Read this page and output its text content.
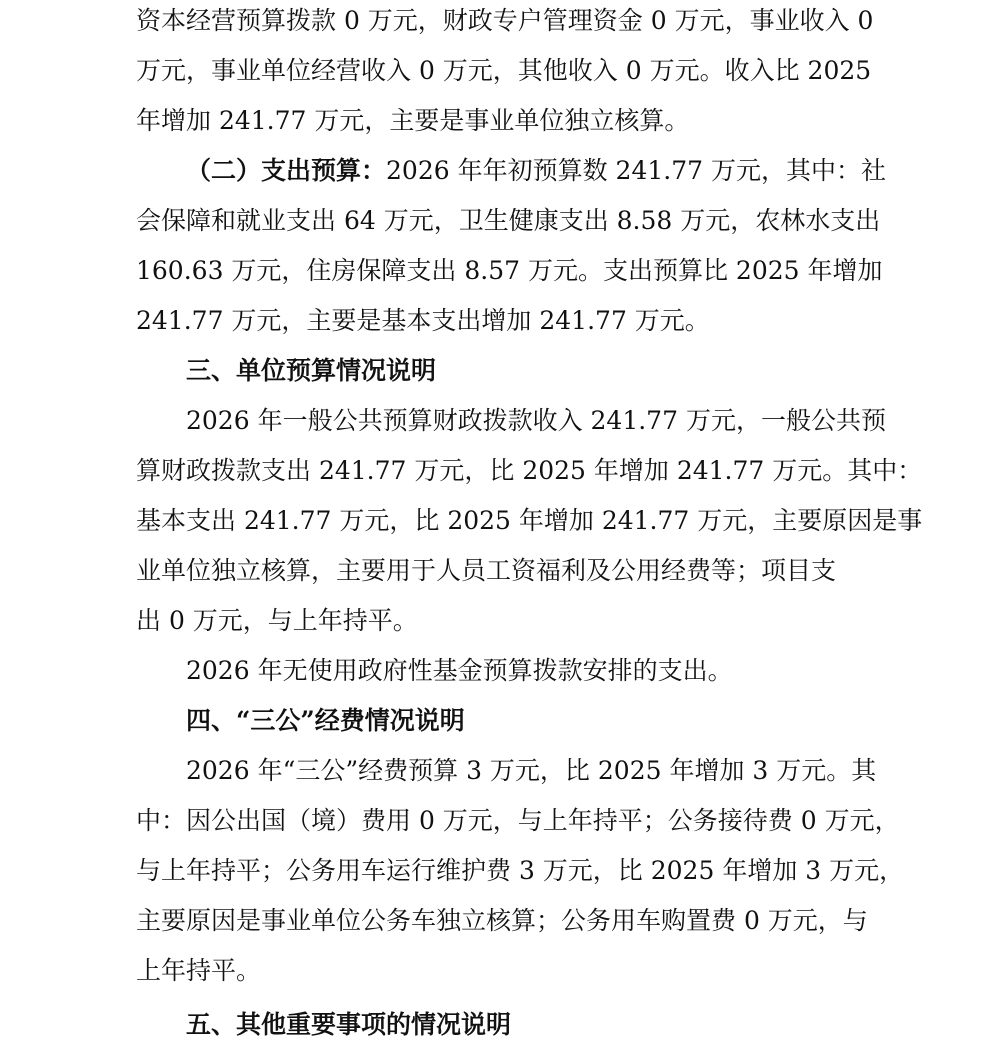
资本经营预算拨款 0 万元，财政专户管理资金 0 万元，事业收入 0
万元，事业单位经营收入 0 万元，其他收入 0 万元。收入比 2025
年增加 241.77 万元，主要是事业单位独立核算。
（二）支出预算： 2026 年年初预算数 241.77 万元，其中：社
会保障和就业支出 64 万元，卫生健康支出 8.58 万元，农林水支出
160.63 万元，住房保障支出 8.57 万元。支出预算比 2025 年增加
241.77 万元，主要是基本支出增加 241.77 万元。
三、单位预算情况说明
2026 年一般公共预算财政拨款收入 241.77 万元，一般公共预
算财政拨款支出 241.77 万元，比 2025 年增加 241.77 万元。其中：
基本支出 241.77 万元，比 2025 年增加 241.77 万元，主要原因是事
业单位独立核算，主要用于人员工资福利及公用经费等；项目支
出 0 万元，与上年持平。
2026 年无使用政府性基金预算拨款安排的支出。
四、“三公”经费情况说明
2026 年“三公”经费预算 3 万元，比 2025 年增加 3 万元。其
中：因公出国（境）费用 0 万元，与上年持平；公务接待费 0 万元，
与上年持平；公务用车运行维护费 3 万元，比 2025 年增加 3 万元，
主要原因是事业单位公务车独立核算；公务用车购置费 0 万元，与
上年持平。
五、其他重要事项的情况说明
